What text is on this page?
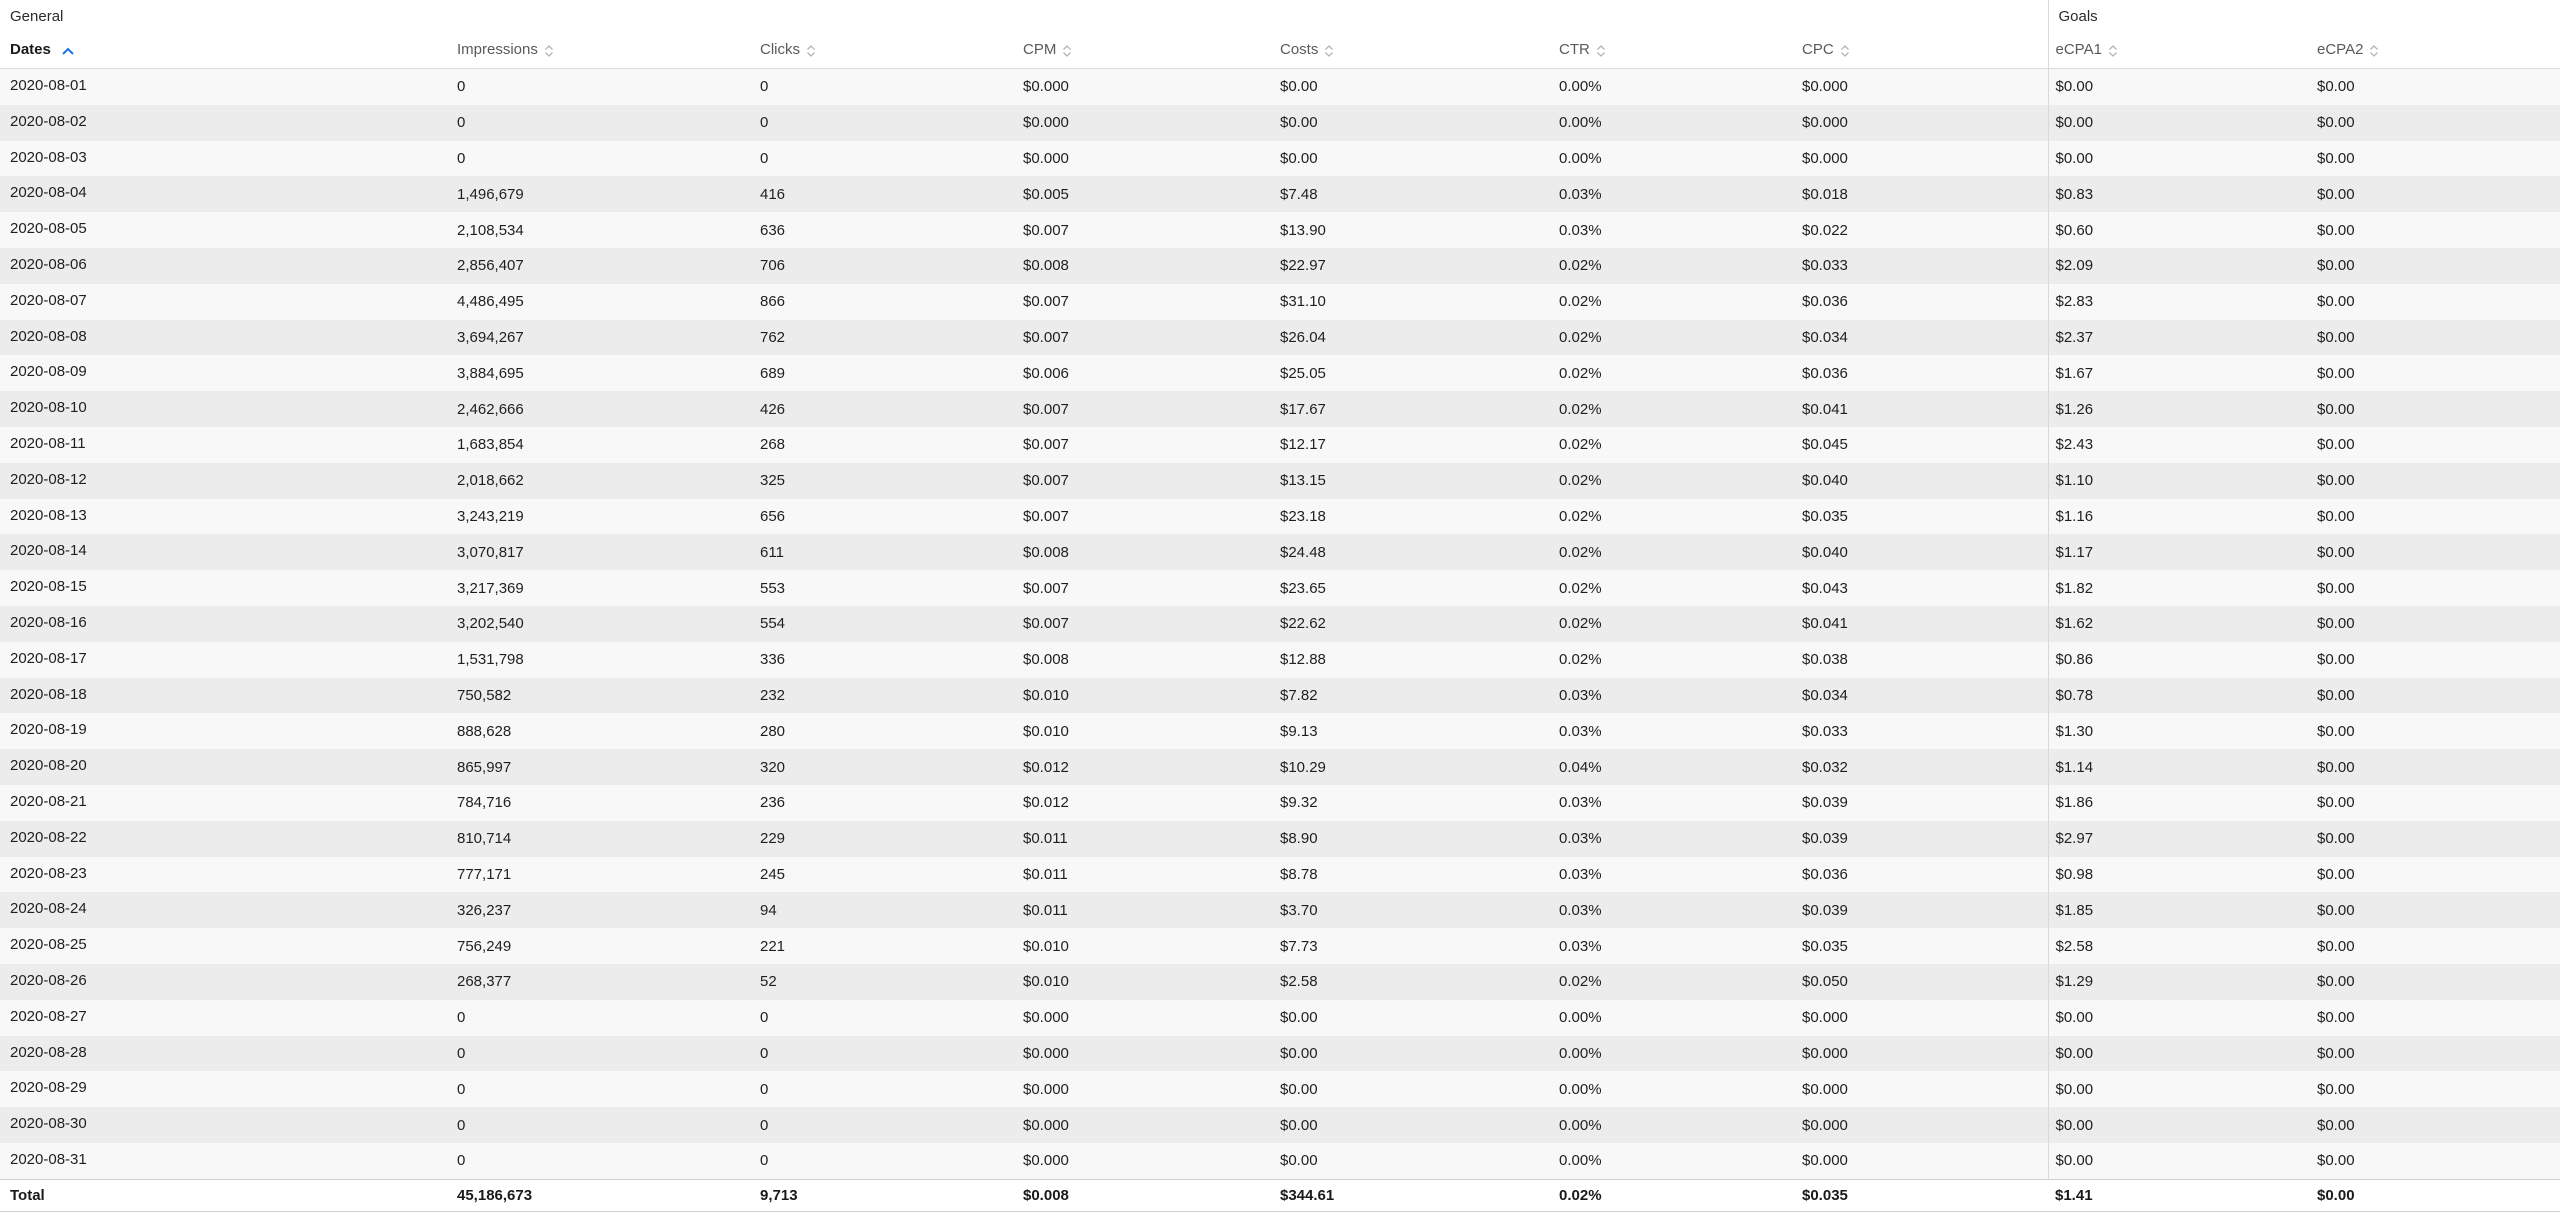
General							Goals	
Dates	Impressions	Clicks	CPM	Costs	CTR	CPC	eCPA1	eCPA2

2020-08-01	0	0	$0.000	$0.00	0.00%	$0.000	$0.00	$0.00
2020-08-02	0	0	$0.000	$0.00	0.00%	$0.000	$0.00	$0.00
2020-08-03	0	0	$0.000	$0.00	0.00%	$0.000	$0.00	$0.00
2020-08-04	1,496,679	416	$0.005	$7.48	0.03%	$0.018	$0.83	$0.00
2020-08-05	2,108,534	636	$0.007	$13.90	0.03%	$0.022	$0.60	$0.00
2020-08-06	2,856,407	706	$0.008	$22.97	0.02%	$0.033	$2.09	$0.00
2020-08-07	4,486,495	866	$0.007	$31.10	0.02%	$0.036	$2.83	$0.00
2020-08-08	3,694,267	762	$0.007	$26.04	0.02%	$0.034	$2.37	$0.00
2020-08-09	3,884,695	689	$0.006	$25.05	0.02%	$0.036	$1.67	$0.00
2020-08-10	2,462,666	426	$0.007	$17.67	0.02%	$0.041	$1.26	$0.00
2020-08-11	1,683,854	268	$0.007	$12.17	0.02%	$0.045	$2.43	$0.00
2020-08-12	2,018,662	325	$0.007	$13.15	0.02%	$0.040	$1.10	$0.00
2020-08-13	3,243,219	656	$0.007	$23.18	0.02%	$0.035	$1.16	$0.00
2020-08-14	3,070,817	611	$0.008	$24.48	0.02%	$0.040	$1.17	$0.00
2020-08-15	3,217,369	553	$0.007	$23.65	0.02%	$0.043	$1.82	$0.00
2020-08-16	3,202,540	554	$0.007	$22.62	0.02%	$0.041	$1.62	$0.00
2020-08-17	1,531,798	336	$0.008	$12.88	0.02%	$0.038	$0.86	$0.00
2020-08-18	750,582	232	$0.010	$7.82	0.03%	$0.034	$0.78	$0.00
2020-08-19	888,628	280	$0.010	$9.13	0.03%	$0.033	$1.30	$0.00
2020-08-20	865,997	320	$0.012	$10.29	0.04%	$0.032	$1.14	$0.00
2020-08-21	784,716	236	$0.012	$9.32	0.03%	$0.039	$1.86	$0.00
2020-08-22	810,714	229	$0.011	$8.90	0.03%	$0.039	$2.97	$0.00
2020-08-23	777,171	245	$0.011	$8.78	0.03%	$0.036	$0.98	$0.00
2020-08-24	326,237	94	$0.011	$3.70	0.03%	$0.039	$1.85	$0.00
2020-08-25	756,249	221	$0.010	$7.73	0.03%	$0.035	$2.58	$0.00
2020-08-26	268,377	52	$0.010	$2.58	0.02%	$0.050	$1.29	$0.00
2020-08-27	0	0	$0.000	$0.00	0.00%	$0.000	$0.00	$0.00
2020-08-28	0	0	$0.000	$0.00	0.00%	$0.000	$0.00	$0.00
2020-08-29	0	0	$0.000	$0.00	0.00%	$0.000	$0.00	$0.00
2020-08-30	0	0	$0.000	$0.00	0.00%	$0.000	$0.00	$0.00
2020-08-31	0	0	$0.000	$0.00	0.00%	$0.000	$0.00	$0.00
Total	45,186,673	9,713	$0.008	$344.61	0.02%	$0.035	$1.41	$0.00
